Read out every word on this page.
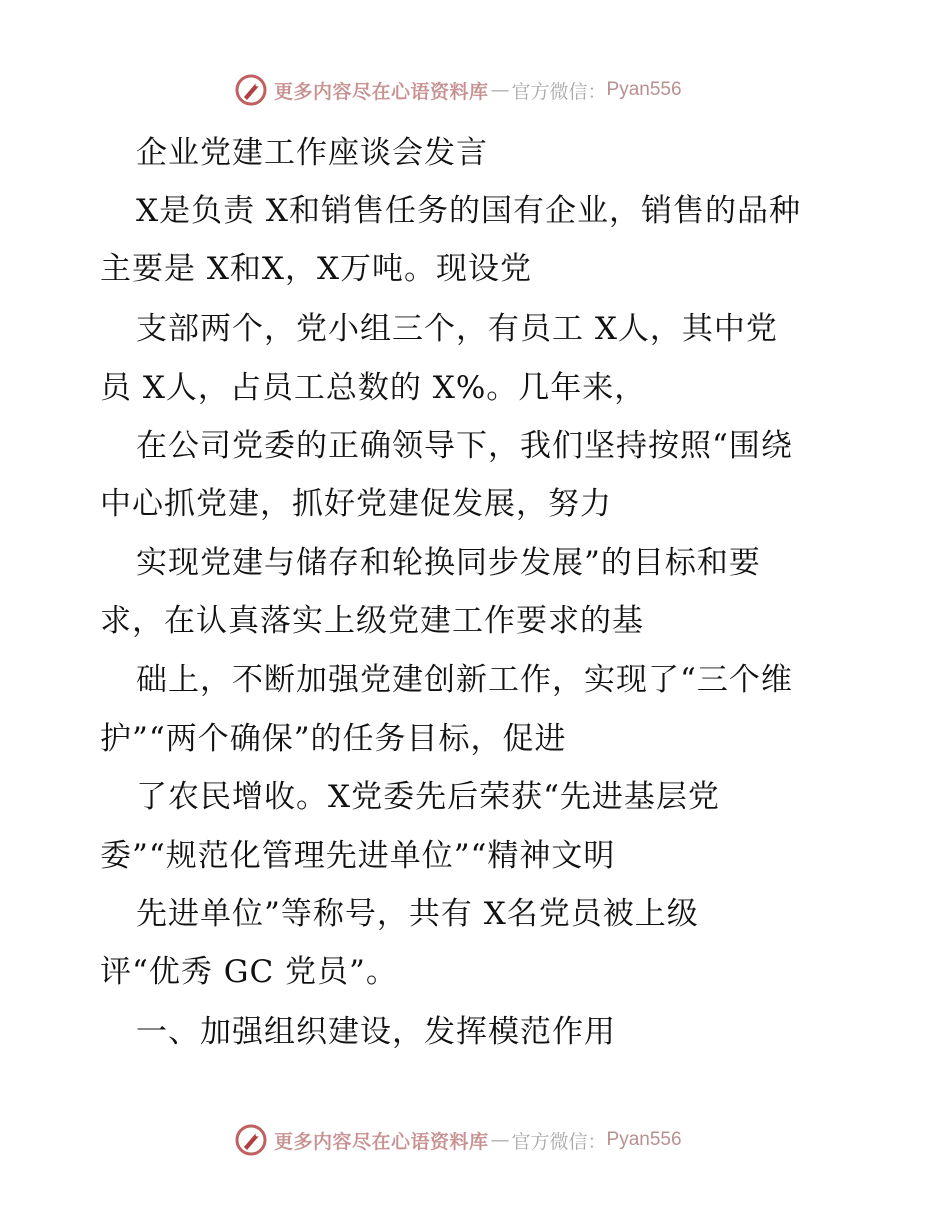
更多内容尽在心语资料库 — 官方微信： Pyan556
企业党建工作座谈会发言
X是负责 X和销售任务的国有企业，销售的品种
主要是 X和X，X万吨。现设党
支部两个，党小组三个，有员工 X人，其中党
员 X人，占员工总数的 X%。几年来，
在公司党委的正确领导下，我们坚持按照“围绕
中心抓党建，抓好党建促发展，努力
实现党建与储存和轮换同步发展”的目标和要
求，在认真落实上级党建工作要求的基
础上，不断加强党建创新工作，实现了“三个维
护”“两个确保”的任务目标，促进
了农民增收。X党委先后荣获“先进基层党
委”“规范化管理先进单位”“精神文明
先进单位”等称号，共有 X名党员被上级
评“优秀 GC 党员”。
一、加强组织建设，发挥模范作用
更多内容尽在心语资料库 — 官方微信： Pyan556
